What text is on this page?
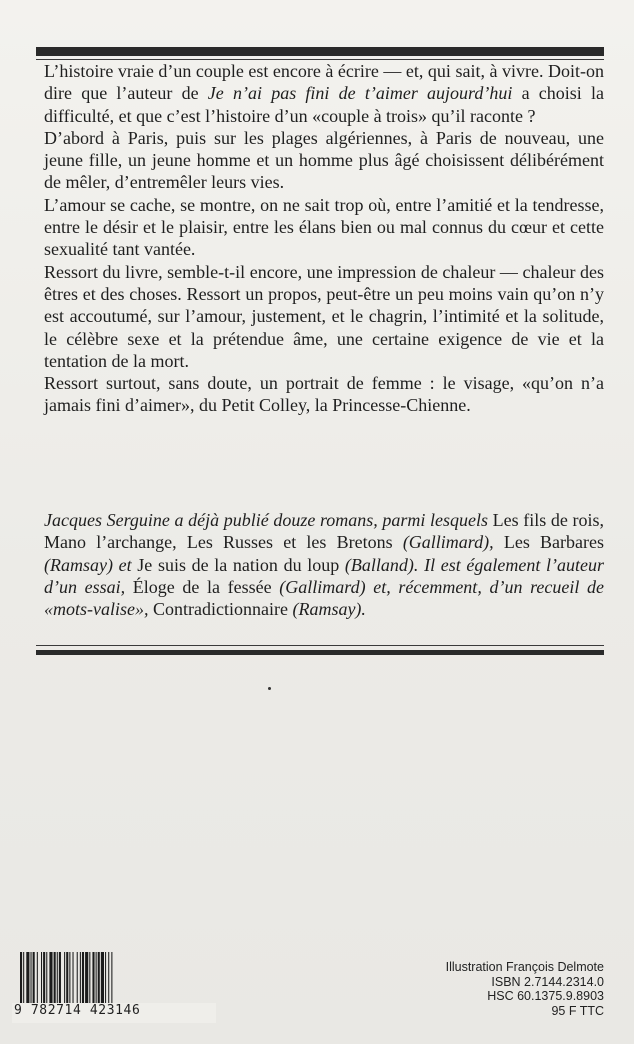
L’histoire vraie d’un couple est encore à écrire — et, qui sait, à vivre. Doit-on dire que l’auteur de Je n’ai pas fini de t’aimer aujourd’hui a choisi la difficulté, et que c’est l’histoire d’un «couple à trois» qu’il raconte ?

D’abord à Paris, puis sur les plages algériennes, à Paris de nouveau, une jeune fille, un jeune homme et un homme plus âgé choisissent délibérément de mêler, d’entremêler leurs vies.

L’amour se cache, se montre, on ne sait trop où, entre l’amitié et la tendresse, entre le désir et le plaisir, entre les élans bien ou mal connus du cœur et cette sexualité tant vantée.

Ressort du livre, semble-t-il encore, une impression de chaleur — chaleur des êtres et des choses. Ressort un propos, peut-être un peu moins vain qu’on n’y est accoutumé, sur l’amour, justement, et le chagrin, l’intimité et la solitude, le célèbre sexe et la prétendue âme, une certaine exigence de vie et la tentation de la mort.

Ressort surtout, sans doute, un portrait de femme : le visage, «qu’on n’a jamais fini d’aimer», du Petit Colley, la Princesse-Chienne.

Jacques Serguine a déjà publié douze romans, parmi lesquels Les fils de rois, Mano l’archange, Les Russes et les Bretons (Gallimard), Les Barbares (Ramsay) et Je suis de la nation du loup (Balland). Il est également l’auteur d’un essai, Éloge de la fessée (Gallimard) et, récemment, d’un recueil de «mots-valise», Contradictionnaire (Ramsay).

9 782714 423146
Illustration François Delmote
ISBN 2.7144.2314.0
HSC 60.1375.9.8903
95 F TTC
